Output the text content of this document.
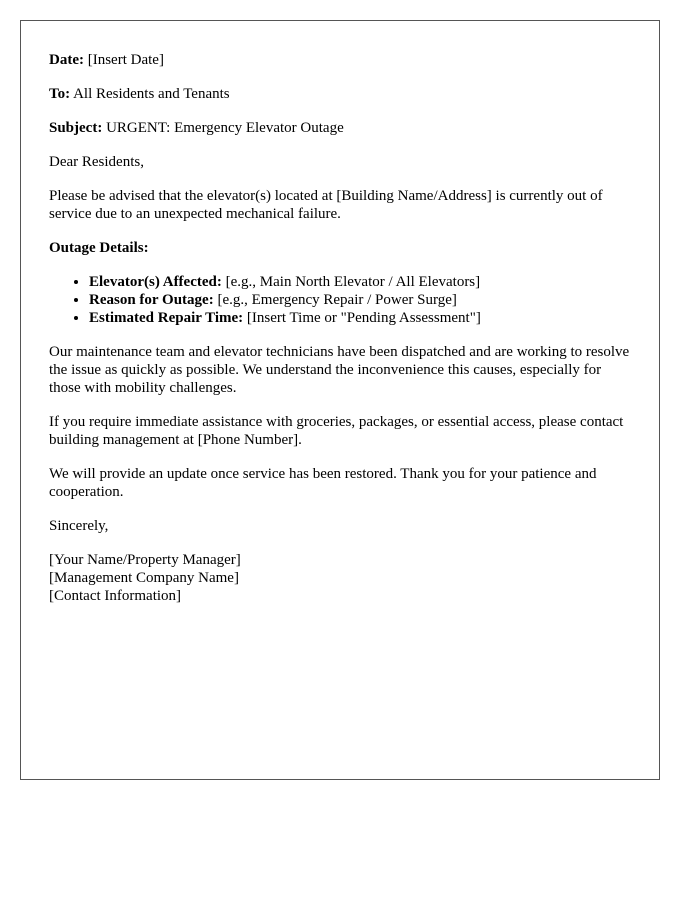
Date: [Insert Date]

To: All Residents and Tenants

Subject: URGENT: Emergency Elevator Outage

Dear Residents,

Please be advised that the elevator(s) located at [Building Name/Address] is currently out of service due to an unexpected mechanical failure.

Outage Details:

• Elevator(s) Affected: [e.g., Main North Elevator / All Elevators]
• Reason for Outage: [e.g., Emergency Repair / Power Surge]
• Estimated Repair Time: [Insert Time or "Pending Assessment"]

Our maintenance team and elevator technicians have been dispatched and are working to resolve the issue as quickly as possible. We understand the inconvenience this causes, especially for those with mobility challenges.

If you require immediate assistance with groceries, packages, or essential access, please contact building management at [Phone Number].

We will provide an update once service has been restored. Thank you for your patience and cooperation.

Sincerely,

[Your Name/Property Manager]
[Management Company Name]
[Contact Information]
